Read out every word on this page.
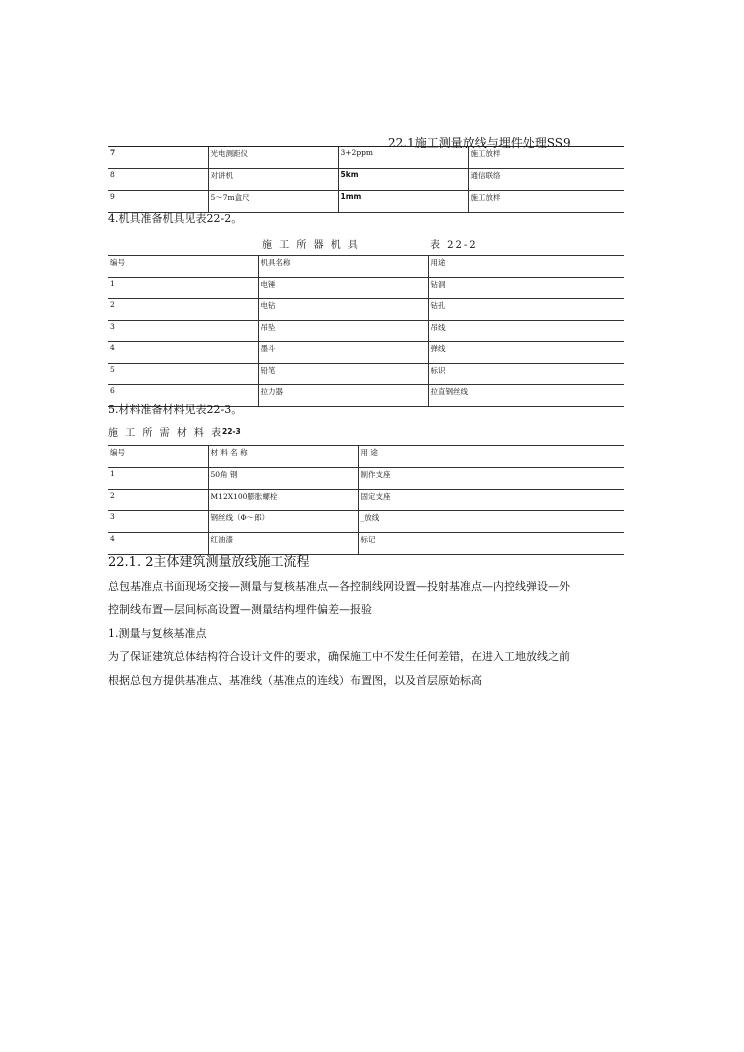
22.1施工测量放线与埋件处理SS9
7	光电测距仪	3+2ppm	施工放样
8	对讲机	5km	通信联络
9	5～7m盒尺	1mm	施工放样
4.机具准备机具见表22-2。
施 工 所 器 机 具	表 22-2
编号	机具名称	用途
1	电锤	钻洞
2	电钻	钻孔
3	吊坠	吊线
4	墨斗	弹线
5	铅笔	标识
6	拉力器	拉直钢丝线
5.材料准备材料见表22-3。
施 工 所 需 材 料 表
22-3
编号	材 料 名 称	用 途
1	50角 钢	制作支座
2	M12X100膨胀螺栓	固定支座
3	钢丝线（Φ～郎）	_放线
4	红油漆	标记
22.1. 2主体建筑测量放线施工流程
总包基准点书面现场交接—测量与复核基准点—各控制线网设置—投射基准点—内控线弹设—外
控制线布置—层间标高设置—测量结构埋件偏差—报验
1.测量与复核基准点
为了保证建筑总体结构符合设计文件的要求，确保施工中不发生任何差错，在进入工地放线之前
根据总包方提供基准点、基准线（基准点的连线）布置图，以及首层原始标高
